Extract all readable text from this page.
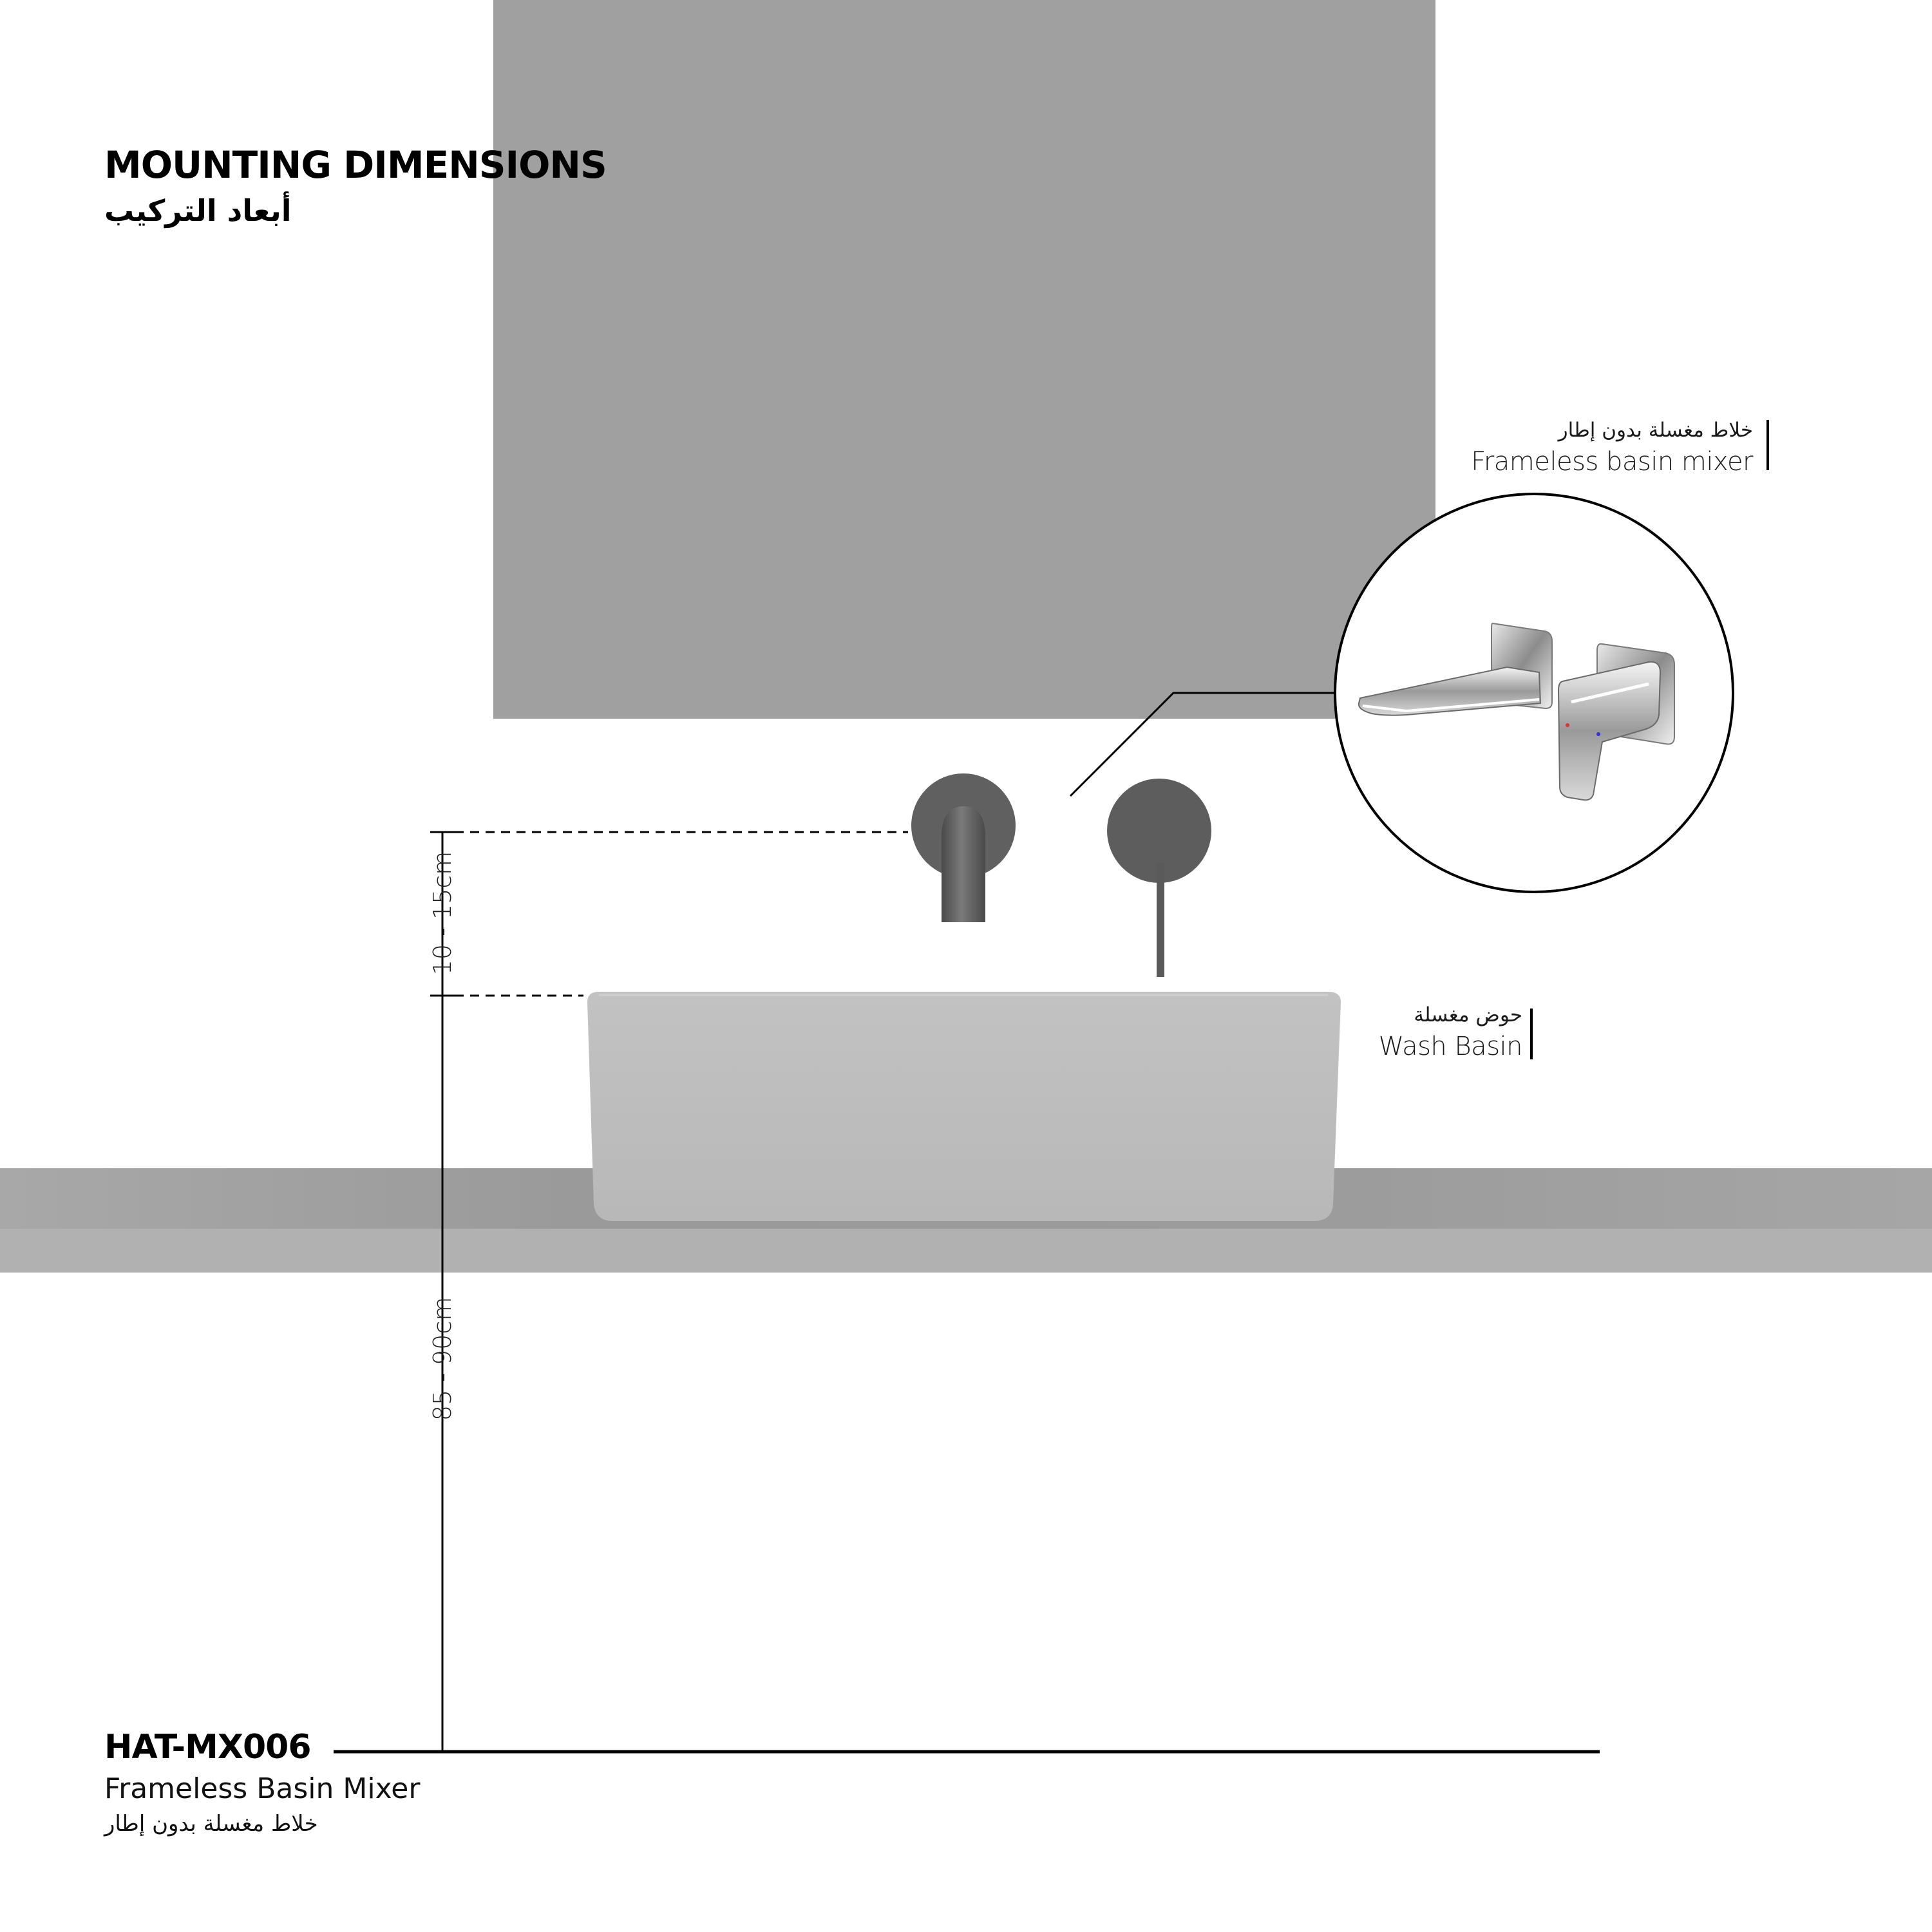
MOUNTING DIMENSIONS
أبعاد التركيب
خلاط مغسلة بدون إطار
Frameless basin mixer
حوض مغسلة
Wash Basin
10 - 15cm
85 - 90cm
HAT-MX006
Frameless Basin Mixer
خلاط مغسلة بدون إطار
